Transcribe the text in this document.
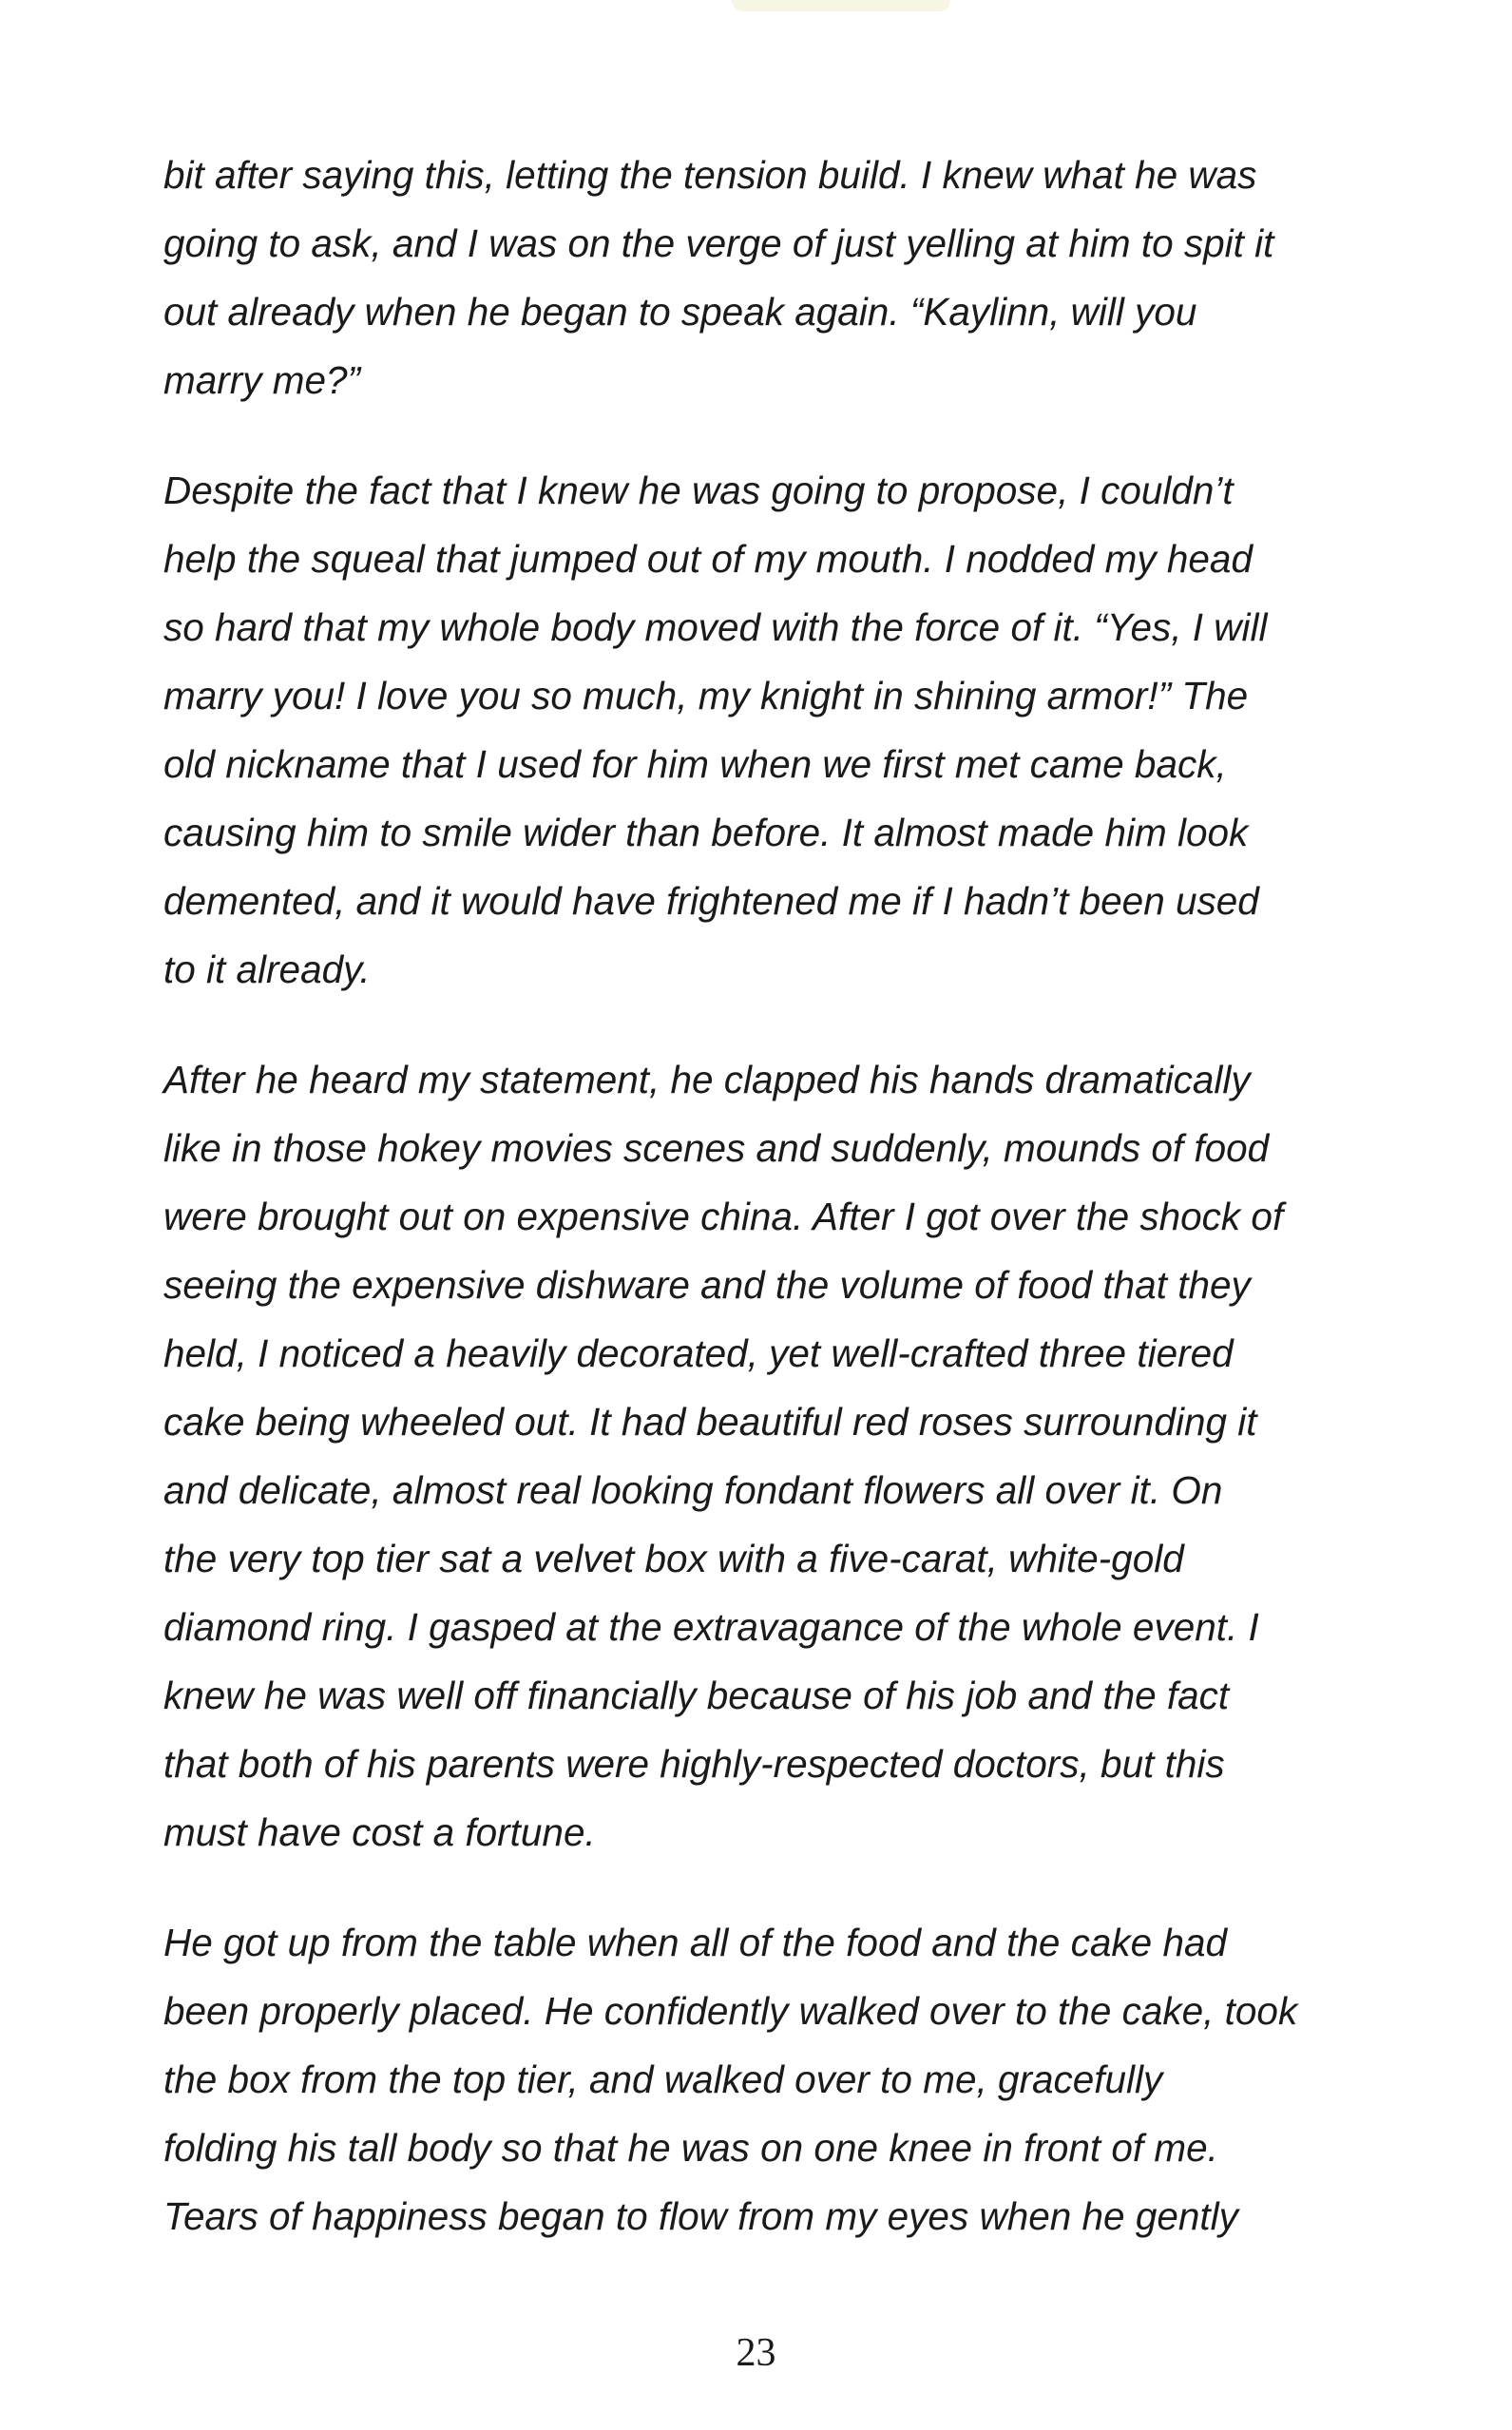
bit after saying this, letting the tension build. I knew what he was
going to ask, and I was on the verge of just yelling at him to spit it
out already when he began to speak again. “Kaylinn, will you
marry me?”

Despite the fact that I knew he was going to propose, I couldn’t
help the squeal that jumped out of my mouth. I nodded my head
so hard that my whole body moved with the force of it. “Yes, I will
marry you! I love you so much, my knight in shining armor!” The
old nickname that I used for him when we first met came back,
causing him to smile wider than before. It almost made him look
demented, and it would have frightened me if I hadn’t been used
to it already.

After he heard my statement, he clapped his hands dramatically
like in those hokey movies scenes and suddenly, mounds of food
were brought out on expensive china. After I got over the shock of
seeing the expensive dishware and the volume of food that they
held, I noticed a heavily decorated, yet well-crafted three tiered
cake being wheeled out. It had beautiful red roses surrounding it
and delicate, almost real looking fondant flowers all over it. On
the very top tier sat a velvet box with a five-carat, white-gold
diamond ring. I gasped at the extravagance of the whole event. I
knew he was well off financially because of his job and the fact
that both of his parents were highly-respected doctors, but this
must have cost a fortune.

He got up from the table when all of the food and the cake had
been properly placed. He confidently walked over to the cake, took
the box from the top tier, and walked over to me, gracefully
folding his tall body so that he was on one knee in front of me.
Tears of happiness began to flow from my eyes when he gently

23
